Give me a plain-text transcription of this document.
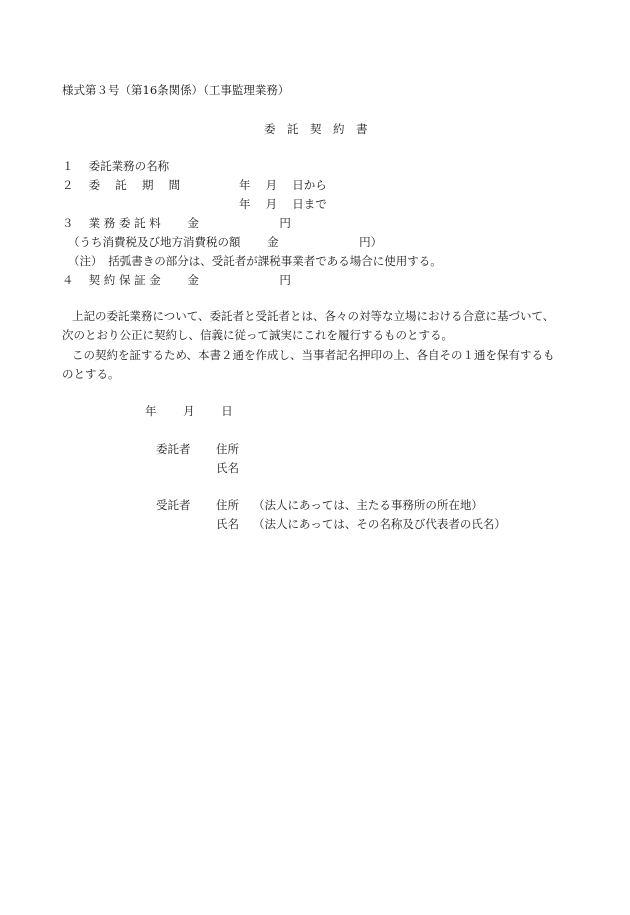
様式第３号（第16条関係）（工事監理業務）
委　託　契　約　書
１　 委託業務の名称
２　 委　 託 　期 　間	年　 月　 日から
年　 月　 日まで
３　 業 務 委 託 料　　 金　　　　　　　円
（うち消費税及び地方消費税の額　　 金　　　　　　　円）
（注）　括弧書きの部分は、受託者が課税事業者である場合に使用する。
４　 契 約 保 証 金　　 金　　　　　　　円
上記の委託業務について、委託者と受託者とは、各々の対等な立場における合意に基づいて、
次のとおり公正に契約し、信義に従って誠実にこれを履行するものとする。
この契約を証するため、本書２通を作成し、当事者記名押印の上、各自その１通を保有するも
のとする。
年　　 月　　 日
委託者 住所
氏名
受託者 住所 （法人にあっては、主たる事務所の所在地）
氏名 （法人にあっては、その名称及び代表者の氏名）
